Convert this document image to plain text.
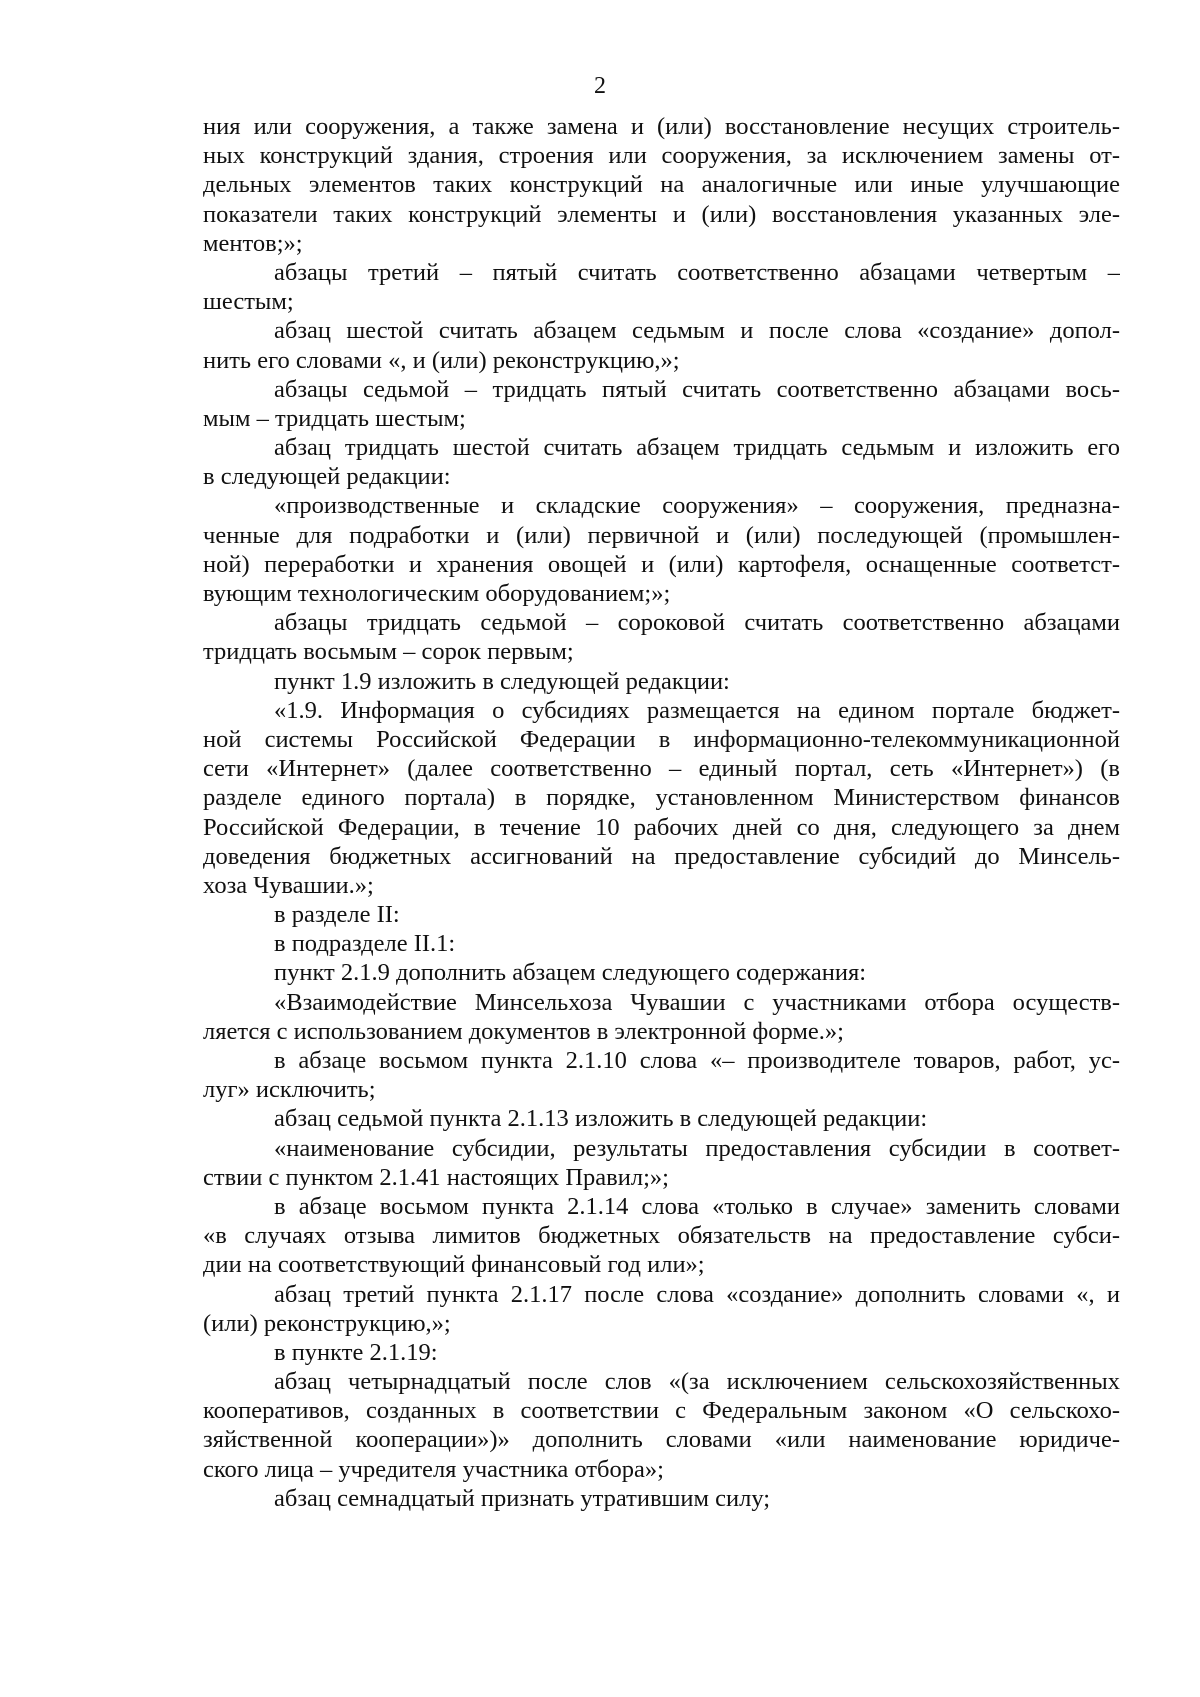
2
ния или сооружения, а также замена и (или) восстановление несущих строитель-
ных конструкций здания, строения или сооружения, за исключением замены от-
дельных элементов таких конструкций на аналогичные или иные улучшающие
показатели таких конструкций элементы и (или) восстановления указанных эле-
ментов;»;
абзацы третий – пятый считать соответственно абзацами четвертым –
шестым;
абзац шестой считать абзацем седьмым и после слова «создание» допол-
нить его словами «, и (или) реконструкцию,»;
абзацы седьмой – тридцать пятый считать соответственно абзацами вось-
мым – тридцать шестым;
абзац тридцать шестой считать абзацем тридцать седьмым и изложить его
в следующей редакции:
«производственные и складские сооружения» – сооружения, предназна-
ченные для подработки и (или) первичной и (или) последующей (промышлен-
ной) переработки и хранения овощей и (или) картофеля, оснащенные соответст-
вующим технологическим оборудованием;»;
абзацы тридцать седьмой – сороковой считать соответственно абзацами
тридцать восьмым – сорок первым;
пункт 1.9 изложить в следующей редакции:
«1.9. Информация о субсидиях размещается на едином портале бюджет-
ной системы Российской Федерации в информационно-телекоммуникационной
сети «Интернет» (далее соответственно – единый портал, сеть «Интернет») (в
разделе единого портала) в порядке, установленном Министерством финансов
Российской Федерации, в течение 10 рабочих дней со дня, следующего за днем
доведения бюджетных ассигнований на предоставление субсидий до Минсель-
хоза Чувашии.»;
в разделе II:
в подразделе II.1:
пункт 2.1.9 дополнить абзацем следующего содержания:
«Взаимодействие Минсельхоза Чувашии с участниками отбора осуществ-
ляется с использованием документов в электронной форме.»;
в абзаце восьмом пункта 2.1.10 слова «– производителе товаров, работ, ус-
луг» исключить;
абзац седьмой пункта 2.1.13 изложить в следующей редакции:
«наименование субсидии, результаты предоставления субсидии в соответ-
ствии с пунктом 2.1.41 настоящих Правил;»;
в абзаце восьмом пункта 2.1.14 слова «только в случае» заменить словами
«в случаях отзыва лимитов бюджетных обязательств на предоставление субси-
дии на соответствующий финансовый год или»;
абзац третий пункта 2.1.17 после слова «создание» дополнить словами «, и
(или) реконструкцию,»;
в пункте 2.1.19:
абзац четырнадцатый после слов «(за исключением сельскохозяйственных
кооперативов, созданных в соответствии с Федеральным законом «О сельскохо-
зяйственной кооперации»)» дополнить словами «или наименование юридиче-
ского лица – учредителя участника отбора»;
абзац семнадцатый признать утратившим силу;
